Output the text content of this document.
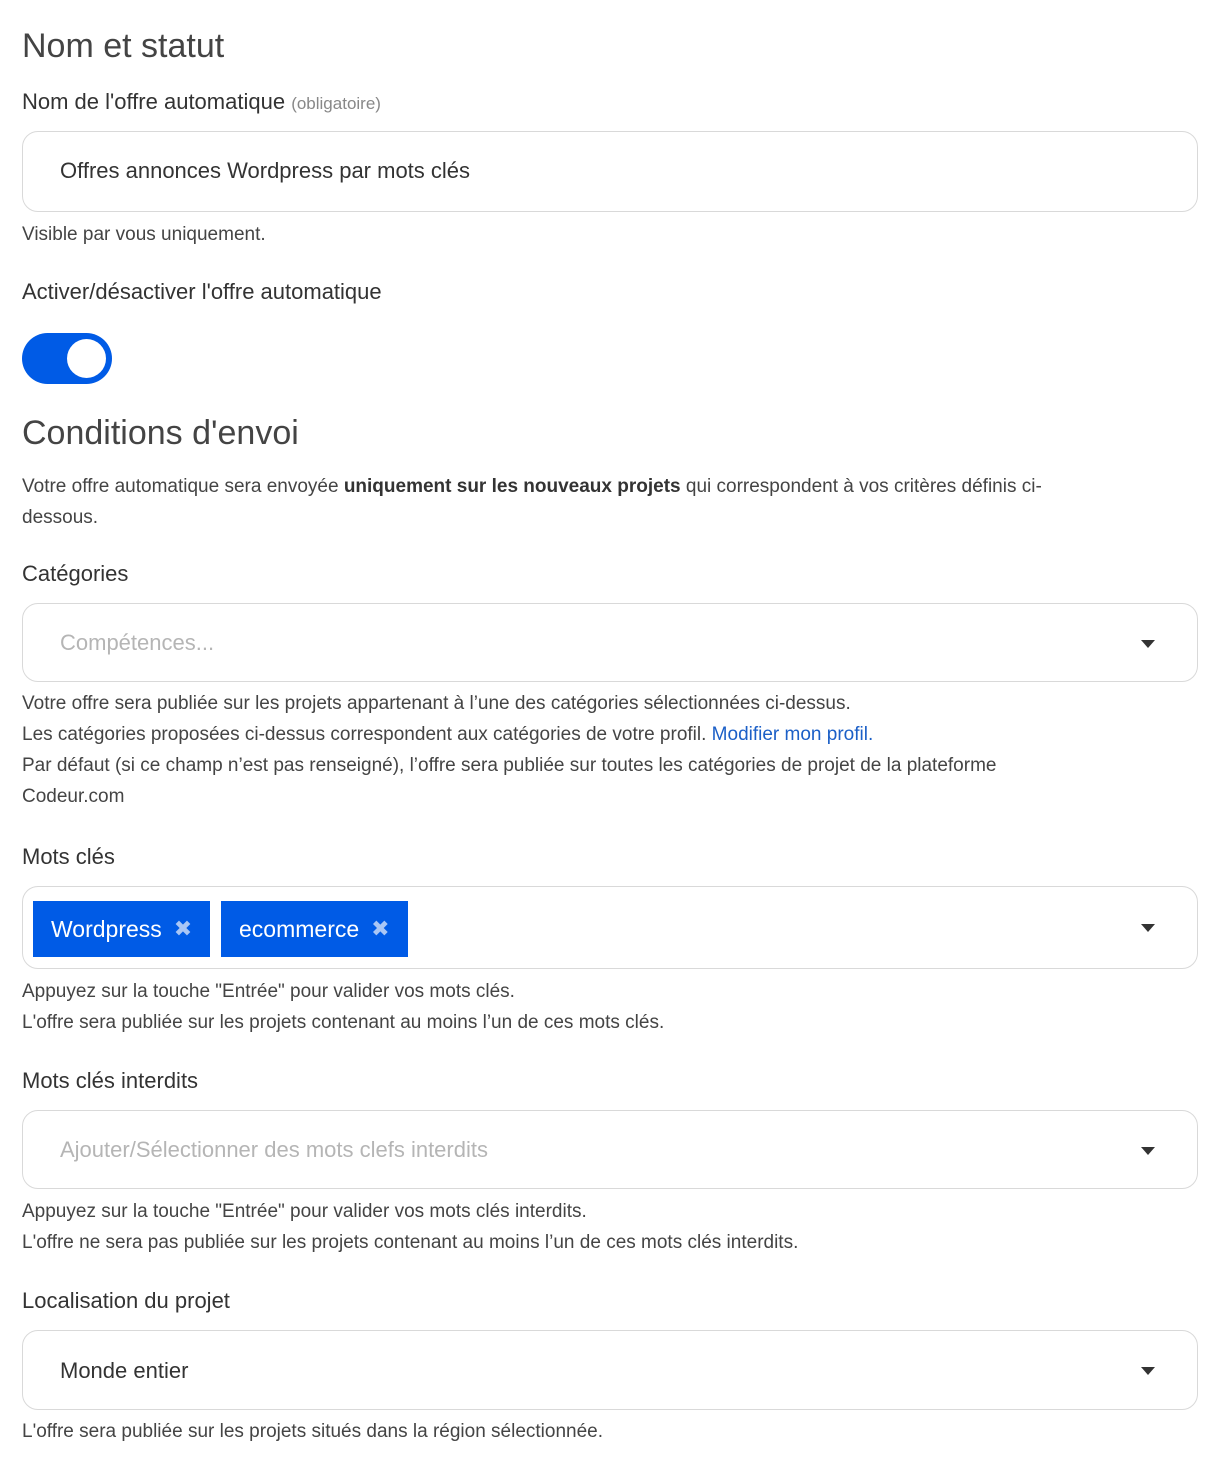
Nom et statut
Nom de l'offre automatique (obligatoire)
Offres annonces Wordpress par mots clés
Visible par vous uniquement.
Activer/désactiver l'offre automatique
Conditions d'envoi
Votre offre automatique sera envoyée uniquement sur les nouveaux projets qui correspondent à vos critères définis ci-
dessous.
Catégories
Compétences...
Votre offre sera publiée sur les projets appartenant à l’une des catégories sélectionnées ci-dessus.
Les catégories proposées ci-dessus correspondent aux catégories de votre profil. Modifier mon profil.
Par défaut (si ce champ n’est pas renseigné), l’offre sera publiée sur toutes les catégories de projet de la plateforme
Codeur.com
Mots clés
Wordpress ✖ ecommerce ✖
Appuyez sur la touche "Entrée" pour valider vos mots clés.
L'offre sera publiée sur les projets contenant au moins l’un de ces mots clés.
Mots clés interdits
Ajouter/Sélectionner des mots clefs interdits
Appuyez sur la touche "Entrée" pour valider vos mots clés interdits.
L'offre ne sera pas publiée sur les projets contenant au moins l’un de ces mots clés interdits.
Localisation du projet
Monde entier
L'offre sera publiée sur les projets situés dans la région sélectionnée.
